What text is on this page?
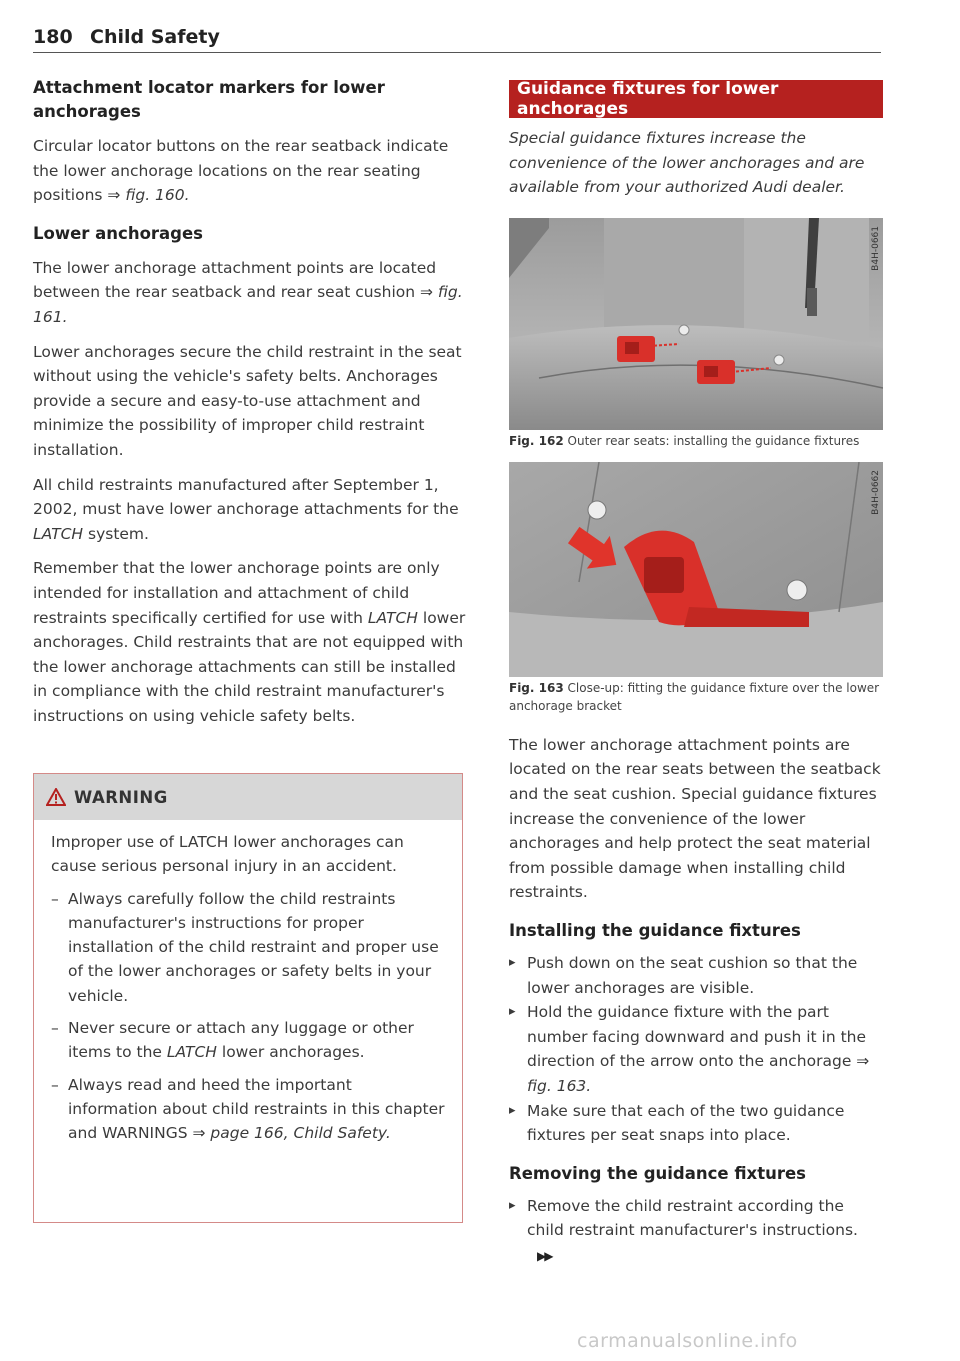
180 Child Safety
Attachment locator markers for lower anchorages

Circular locator buttons on the rear seatback indicate the lower anchorage locations on the rear seating positions ⇒ fig. 160.

Lower anchorages

The lower anchorage attachment points are located between the rear seatback and rear seat cushion ⇒ fig. 161.

Lower anchorages secure the child restraint in the seat without using the vehicle's safety belts. Anchorages provide a secure and easy-to-use attachment and minimize the possibility of improper child restraint installation.

All child restraints manufactured after September 1, 2002, must have lower anchorage attachments for the LATCH system.

Remember that the lower anchorage points are only intended for installation and attachment of child restraints specifically certified for use with LATCH lower anchorages. Child restraints that are not equipped with the lower anchorage attachments can still be installed in compliance with the child restraint manufacturer's instructions on using vehicle safety belts.

WARNING

Improper use of LATCH lower anchorages can cause serious personal injury in an accident.

– Always carefully follow the child restraints manufacturer's instructions for proper installation of the child restraint and proper use of the lower anchorages or safety belts in your vehicle.

– Never secure or attach any luggage or other items to the LATCH lower anchorages.

– Always read and heed the important information about child restraints in this chapter and WARNINGS ⇒ page 166, Child Safety.

Guidance fixtures for lower anchorages

Special guidance fixtures increase the convenience of the lower anchorages and are available from your authorized Audi dealer.

B4H-0661
Fig. 162 Outer rear seats: installing the guidance fixtures
B4H-0662
Fig. 163 Close-up: fitting the guidance fixture over the lower anchorage bracket

The lower anchorage attachment points are located on the rear seats between the seatback and the seat cushion. Special guidance fixtures increase the convenience of the lower anchorages and help protect the seat material from possible damage when installing child restraints.

Installing the guidance fixtures

▸ Push down on the seat cushion so that the lower anchorages are visible.

▸ Hold the guidance fixture with the part number facing downward and push it in the direction of the arrow onto the anchorage ⇒ fig. 163.

▸ Make sure that each of the two guidance fixtures per seat snaps into place.

Removing the guidance fixtures

▸ Remove the child restraint according the child restraint manufacturer's instructions. ▶▶

carmanualsonline.info
